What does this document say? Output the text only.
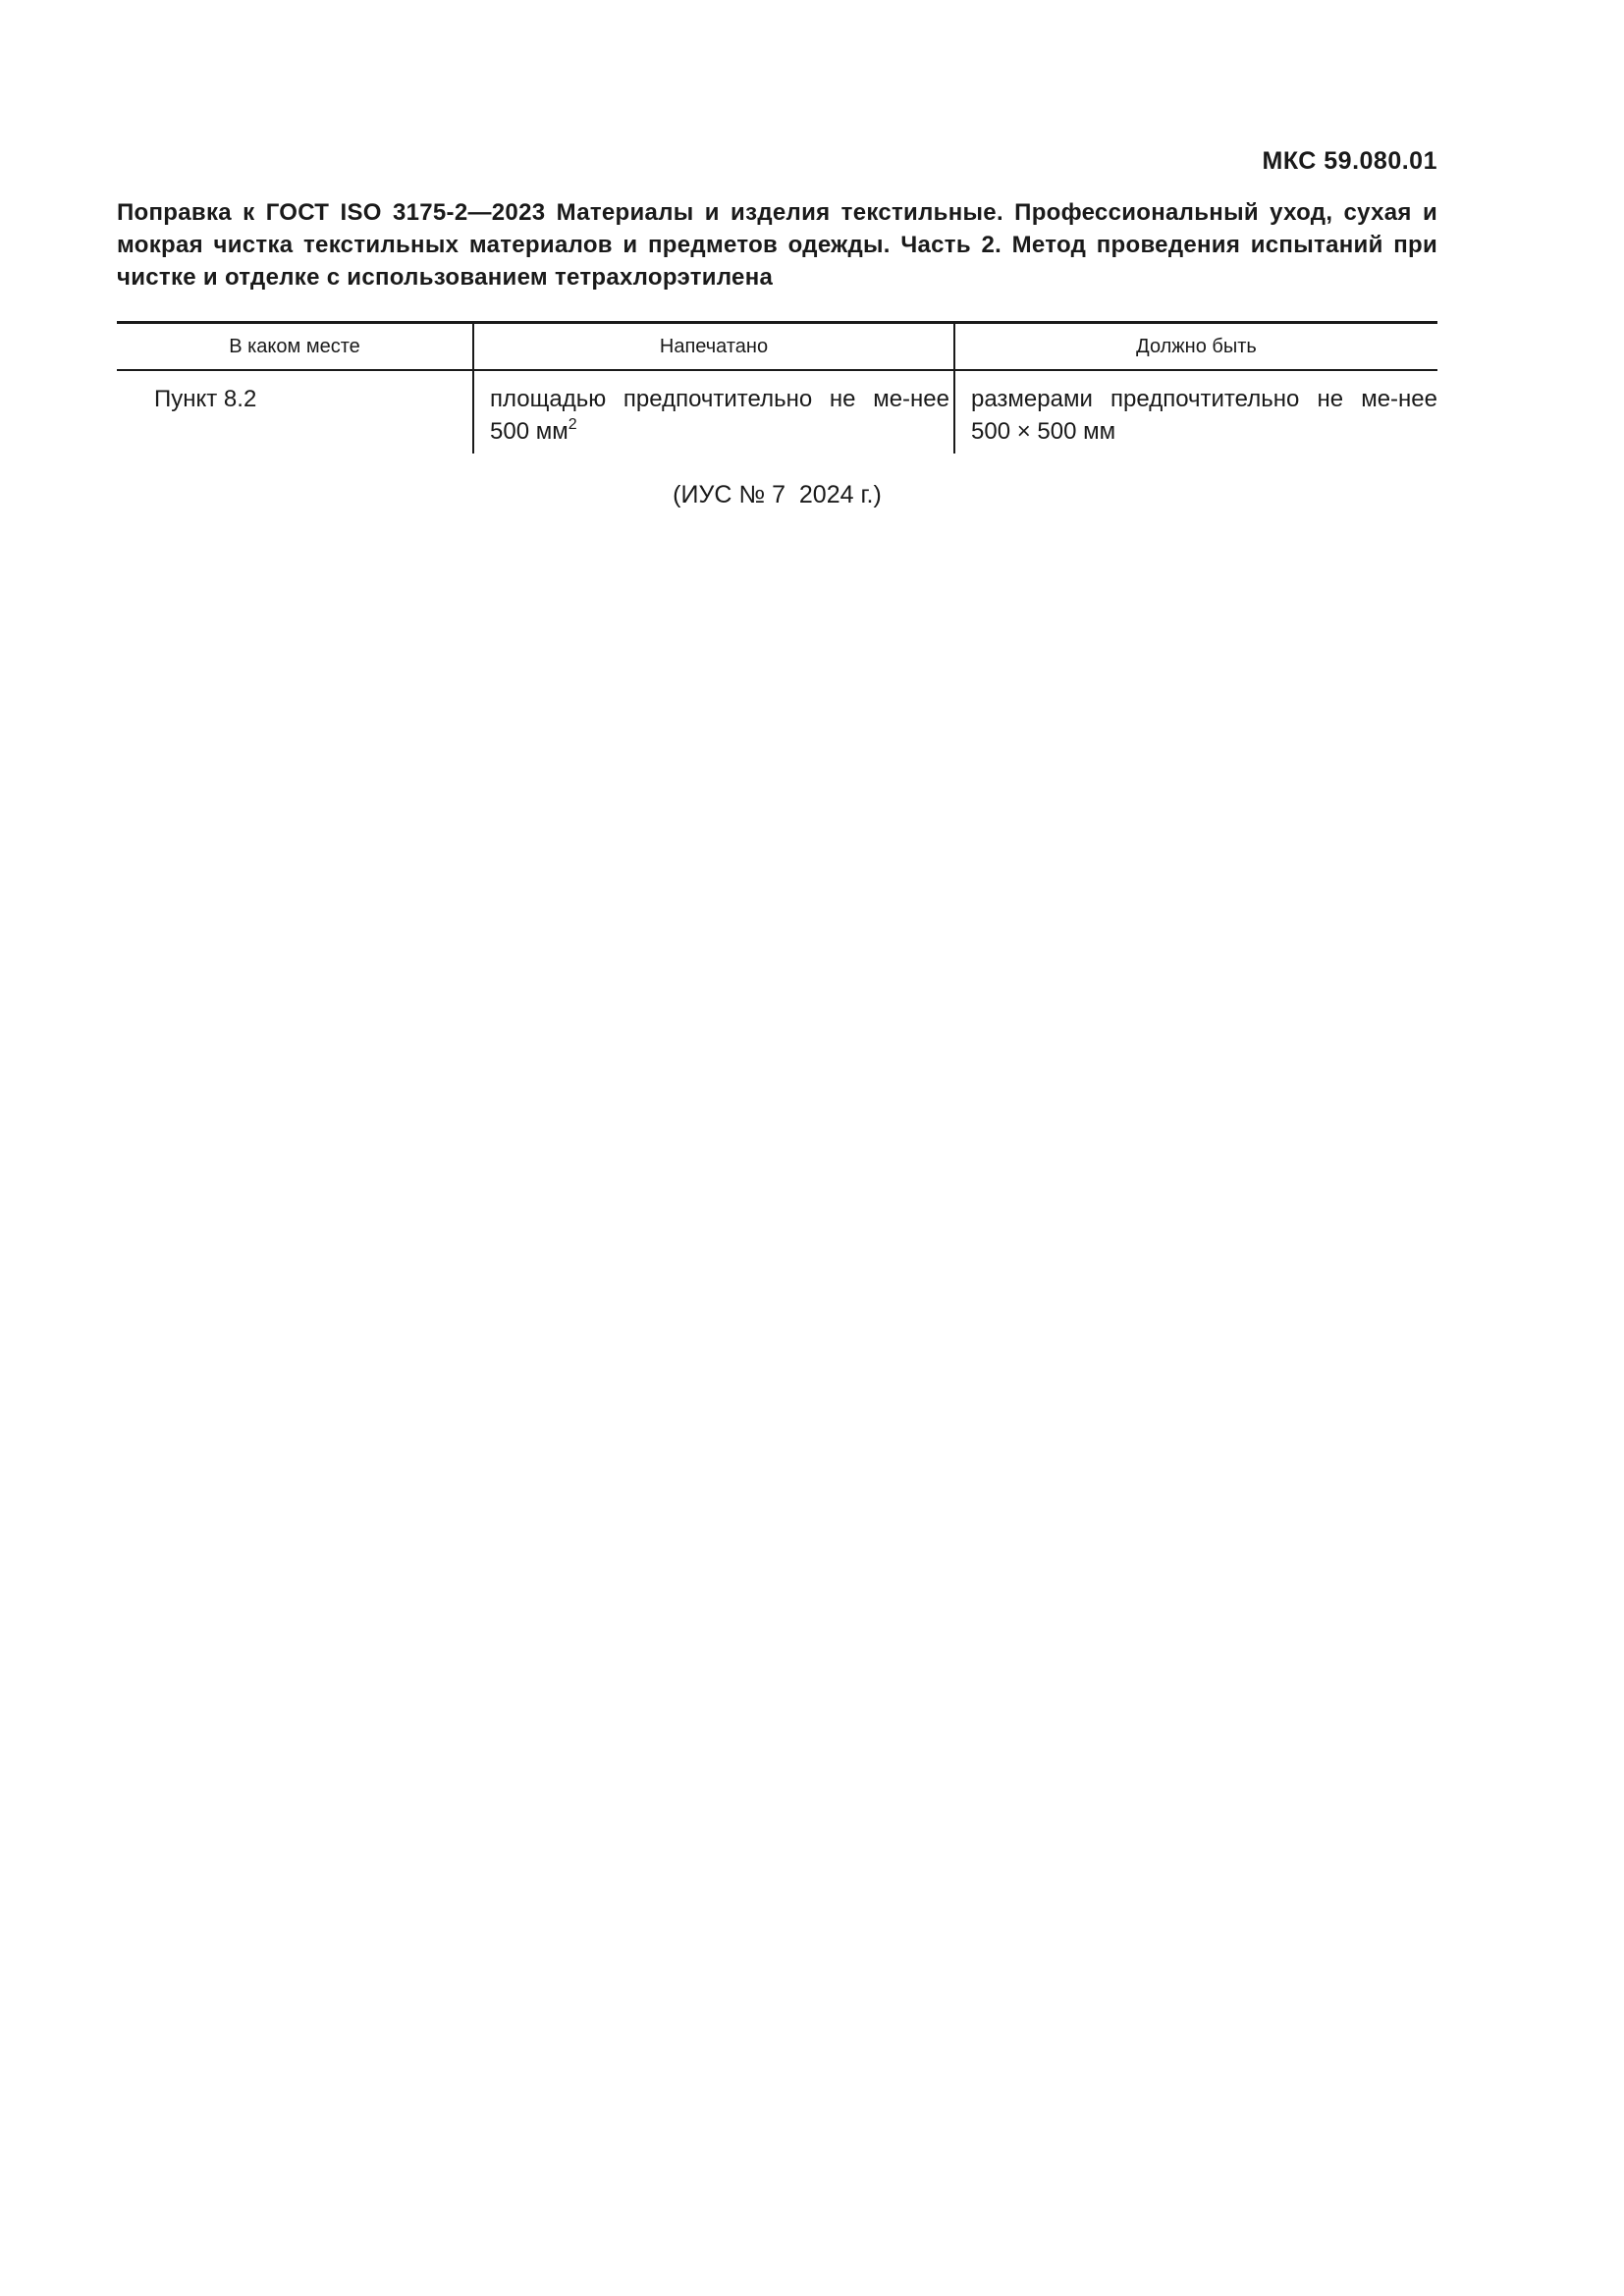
МКС 59.080.01
Поправка к ГОСТ ISO 3175-2—2023 Материалы и изделия текстильные. Профессиональный уход, сухая и мокрая чистка текстильных материалов и предметов одежды. Часть 2. Метод проведения испытаний при чистке и отделке с использованием тетрахлорэтилена
В каком месте	Напечатано	Должно быть
Пункт 8.2	площадью предпочтительно не ме-нее 500 $мм^2$	размерами предпочтительно не ме-нее 500 × 500 мм
(ИУС № 7  2024 г.)
